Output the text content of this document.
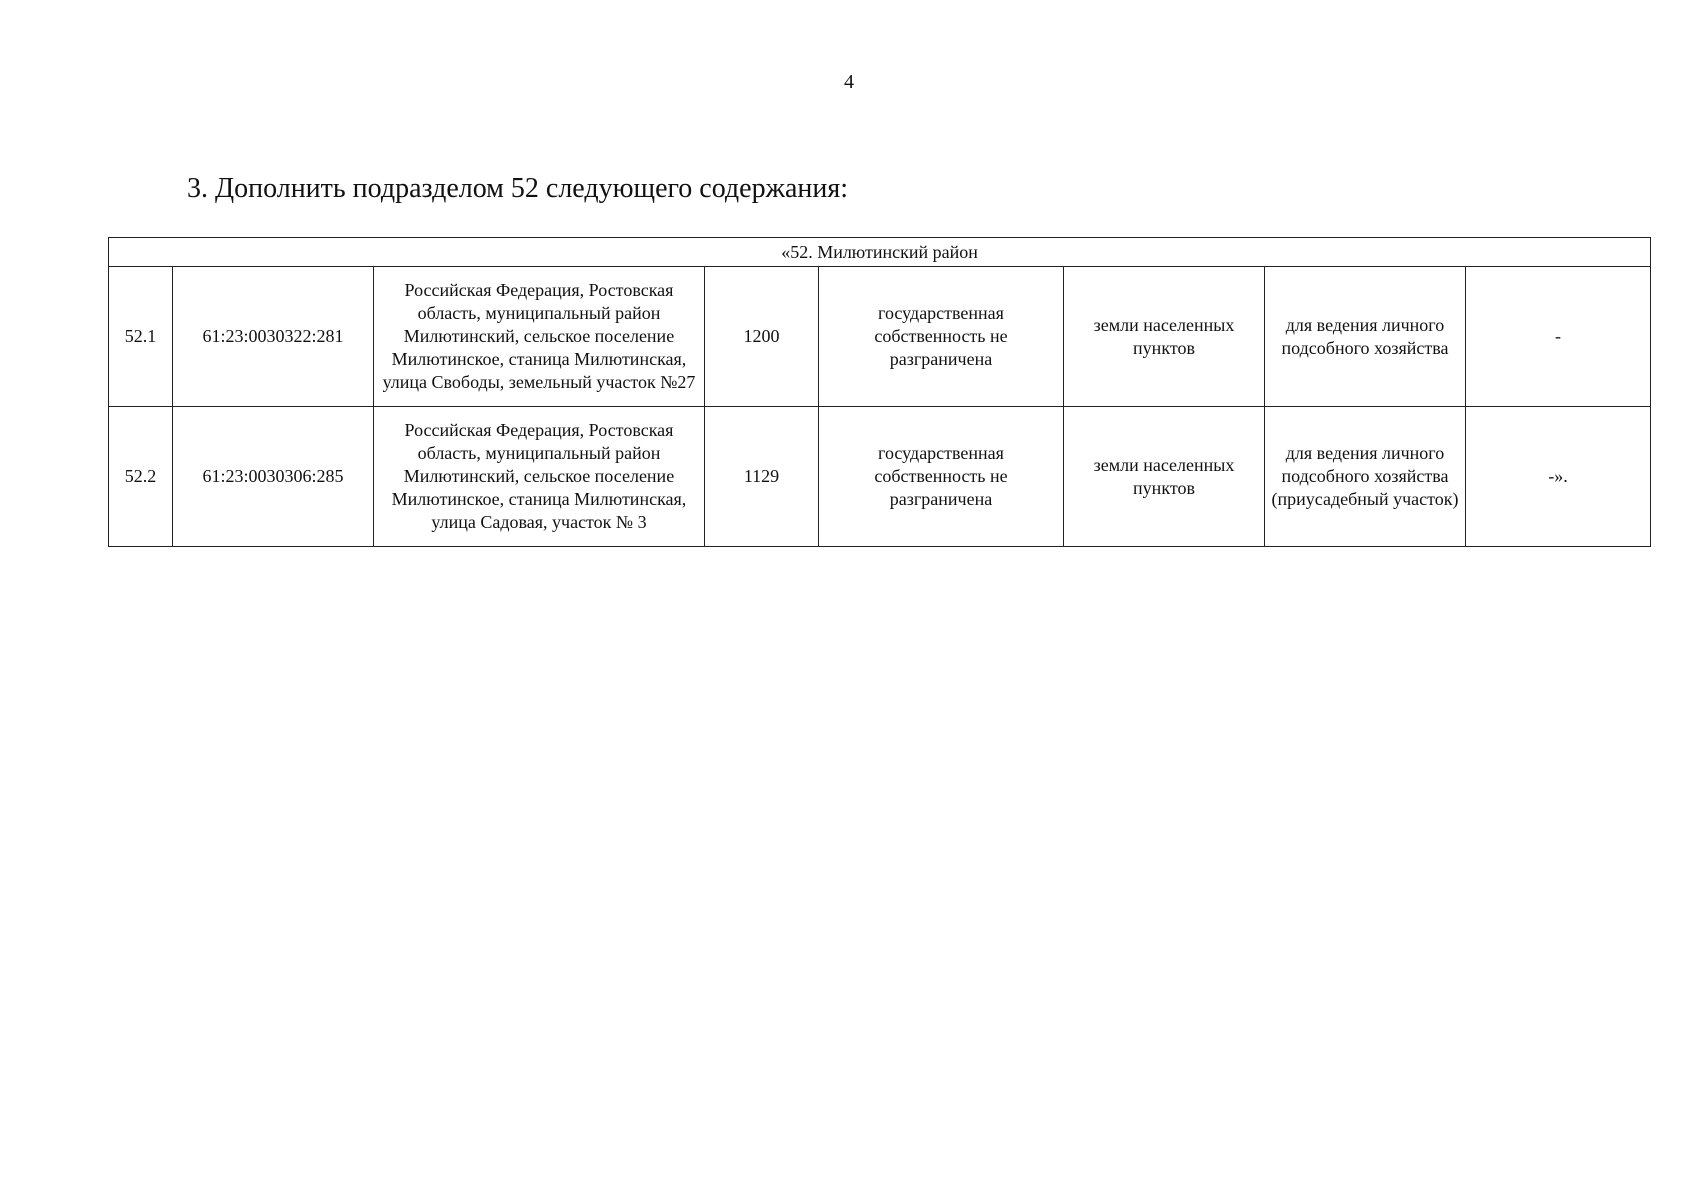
4
3. Дополнить подразделом 52 следующего содержания:
«52. Милютинский район							
52.1	61:23:0030322:281	Российская Федерация, Ростовская область, муниципальный район Милютинский, сельское поселение Милютинское, станица Милютинская, улица Свободы, земельный участок №27	1200	государственная собственность не разграничена	земли населенных пунктов	для ведения личного подсобного хозяйства	-
52.2	61:23:0030306:285	Российская Федерация, Ростовская область, муниципальный район Милютинский, сельское поселение Милютинское, станица Милютинская, улица Садовая, участок № 3	1129	государственная собственность не разграничена	земли населенных пунктов	для ведения личного подсобного хозяйства (приусадебный участок)	-».
